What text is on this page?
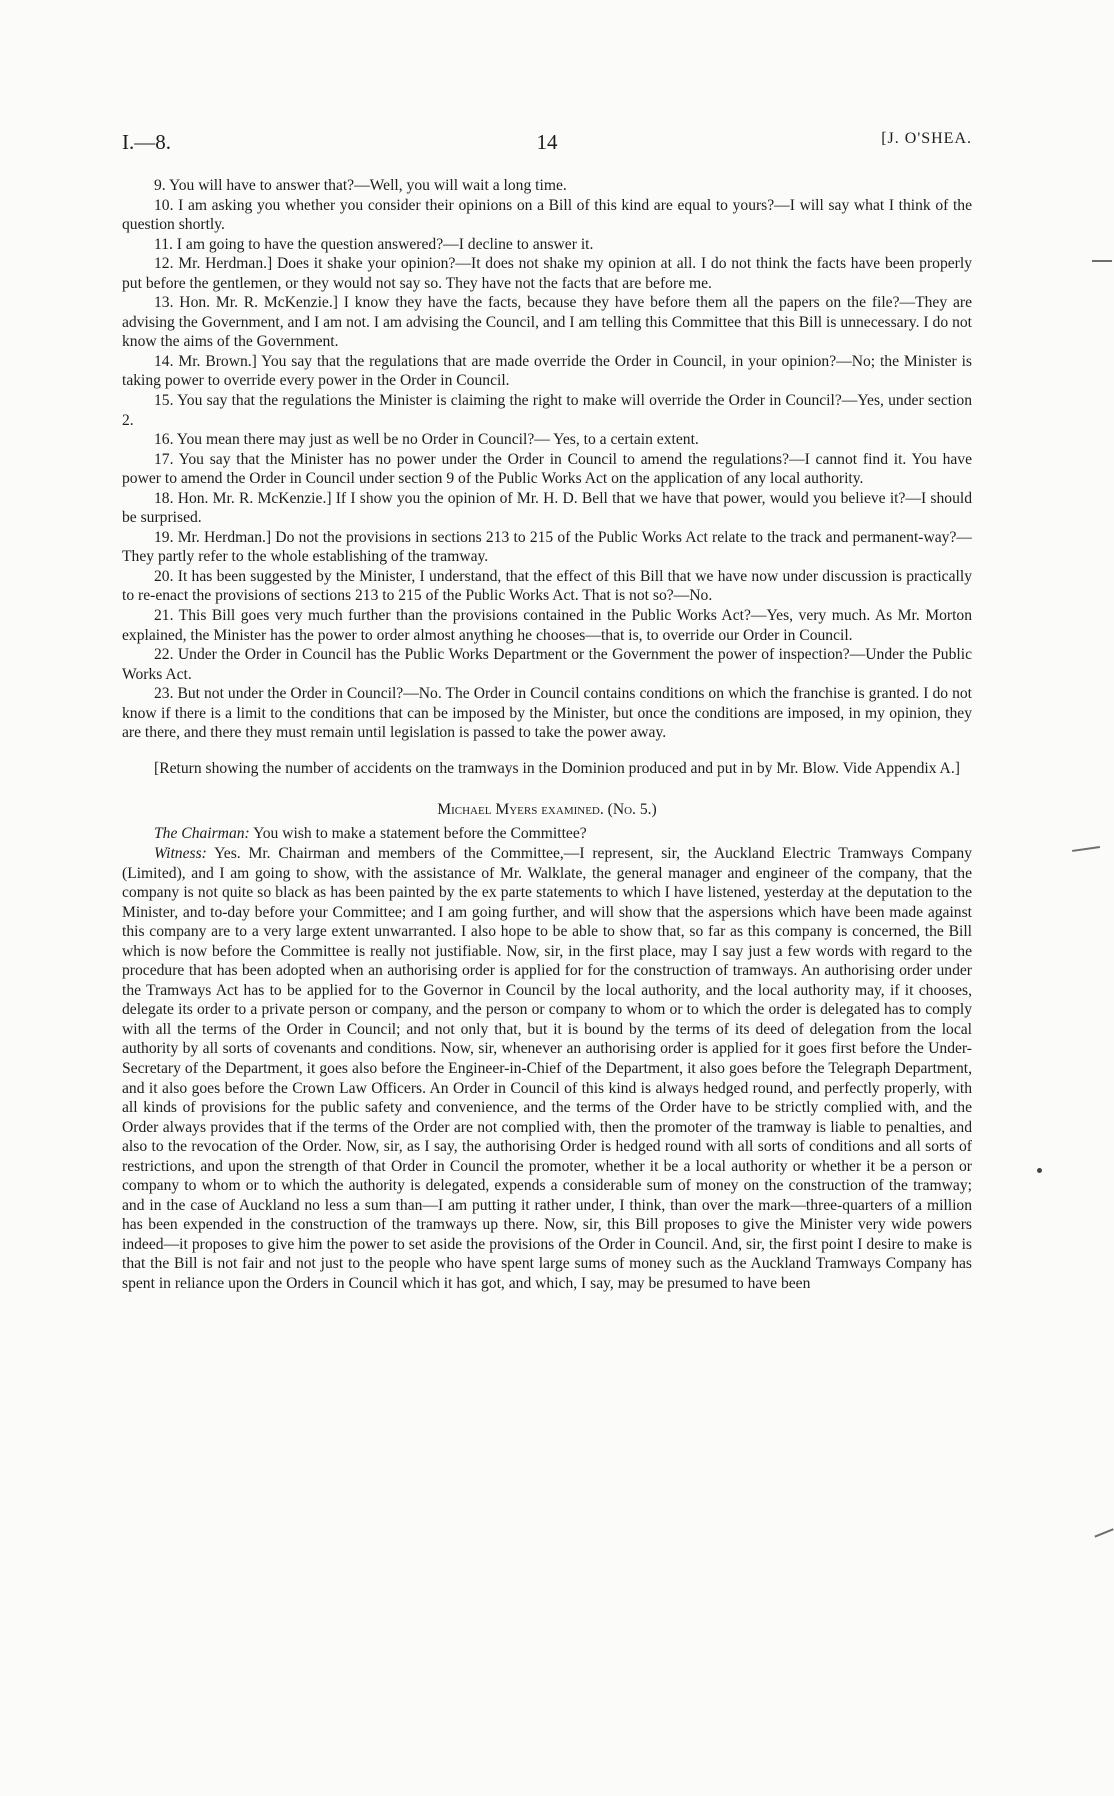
I.—8.	14	[J. O'SHEA.

9. You will have to answer that?—Well, you will wait a long time.

10. I am asking you whether you consider their opinions on a Bill of this kind are equal to yours?—I will say what I think of the question shortly.

11. I am going to have the question answered?—I decline to answer it.

12. Mr. Herdman.] Does it shake your opinion?—It does not shake my opinion at all. I do not think the facts have been properly put before the gentlemen, or they would not say so. They have not the facts that are before me.

13. Hon. Mr. R. McKenzie.] I know they have the facts, because they have before them all the papers on the file?—They are advising the Government, and I am not. I am advising the Council, and I am telling this Committee that this Bill is unnecessary. I do not know the aims of the Government.

14. Mr. Brown.] You say that the regulations that are made override the Order in Council, in your opinion?—No; the Minister is taking power to override every power in the Order in Council.

15. You say that the regulations the Minister is claiming the right to make will override the Order in Council?—Yes, under section 2.

16. You mean there may just as well be no Order in Council?— Yes, to a certain extent.

17. You say that the Minister has no power under the Order in Council to amend the regulations?—I cannot find it. You have power to amend the Order in Council under section 9 of the Public Works Act on the application of any local authority.

18. Hon. Mr. R. McKenzie.] If I show you the opinion of Mr. H. D. Bell that we have that power, would you believe it?—I should be surprised.

19. Mr. Herdman.] Do not the provisions in sections 213 to 215 of the Public Works Act relate to the track and permanent-way?—They partly refer to the whole establishing of the tramway.

20. It has been suggested by the Minister, I understand, that the effect of this Bill that we have now under discussion is practically to re-enact the provisions of sections 213 to 215 of the Public Works Act. That is not so?—No.

21. This Bill goes very much further than the provisions contained in the Public Works Act?—Yes, very much. As Mr. Morton explained, the Minister has the power to order almost anything he chooses—that is, to override our Order in Council.

22. Under the Order in Council has the Public Works Department or the Government the power of inspection?—Under the Public Works Act.

23. But not under the Order in Council?—No. The Order in Council contains conditions on which the franchise is granted. I do not know if there is a limit to the conditions that can be imposed by the Minister, but once the conditions are imposed, in my opinion, they are there, and there they must remain until legislation is passed to take the power away.

[Return showing the number of accidents on the tramways in the Dominion produced and put in by Mr. Blow. Vide Appendix A.]

Michael Myers examined. (No. 5.)

The Chairman: You wish to make a statement before the Committee?

Witness: Yes. Mr. Chairman and members of the Committee,—I represent, sir, the Auckland Electric Tramways Company (Limited), and I am going to show, with the assistance of Mr. Walklate, the general manager and engineer of the company, that the company is not quite so black as has been painted by the ex parte statements to which I have listened, yesterday at the deputation to the Minister, and to-day before your Committee; and I am going further, and will show that the aspersions which have been made against this company are to a very large extent unwarranted. I also hope to be able to show that, so far as this company is concerned, the Bill which is now before the Committee is really not justifiable. Now, sir, in the first place, may I say just a few words with regard to the procedure that has been adopted when an authorising order is applied for for the construction of tramways. An authorising order under the Tramways Act has to be applied for to the Governor in Council by the local authority, and the local authority may, if it chooses, delegate its order to a private person or company, and the person or company to whom or to which the order is delegated has to comply with all the terms of the Order in Council; and not only that, but it is bound by the terms of its deed of delegation from the local authority by all sorts of covenants and conditions. Now, sir, whenever an authorising order is applied for it goes first before the Under-Secretary of the Department, it goes also before the Engineer-in-Chief of the Department, it also goes before the Telegraph Department, and it also goes before the Crown Law Officers. An Order in Council of this kind is always hedged round, and perfectly properly, with all kinds of provisions for the public safety and convenience, and the terms of the Order have to be strictly complied with, and the Order always provides that if the terms of the Order are not complied with, then the promoter of the tramway is liable to penalties, and also to the revocation of the Order. Now, sir, as I say, the authorising Order is hedged round with all sorts of conditions and all sorts of restrictions, and upon the strength of that Order in Council the promoter, whether it be a local authority or whether it be a person or company to whom or to which the authority is delegated, expends a considerable sum of money on the construction of the tramway; and in the case of Auckland no less a sum than—I am putting it rather under, I think, than over the mark—three-quarters of a million has been expended in the construction of the tramways up there. Now, sir, this Bill proposes to give the Minister very wide powers indeed—it proposes to give him the power to set aside the provisions of the Order in Council. And, sir, the first point I desire to make is that the Bill is not fair and not just to the people who have spent large sums of money such as the Auckland Tramways Company has spent in reliance upon the Orders in Council which it has got, and which, I say, may be presumed to have been
